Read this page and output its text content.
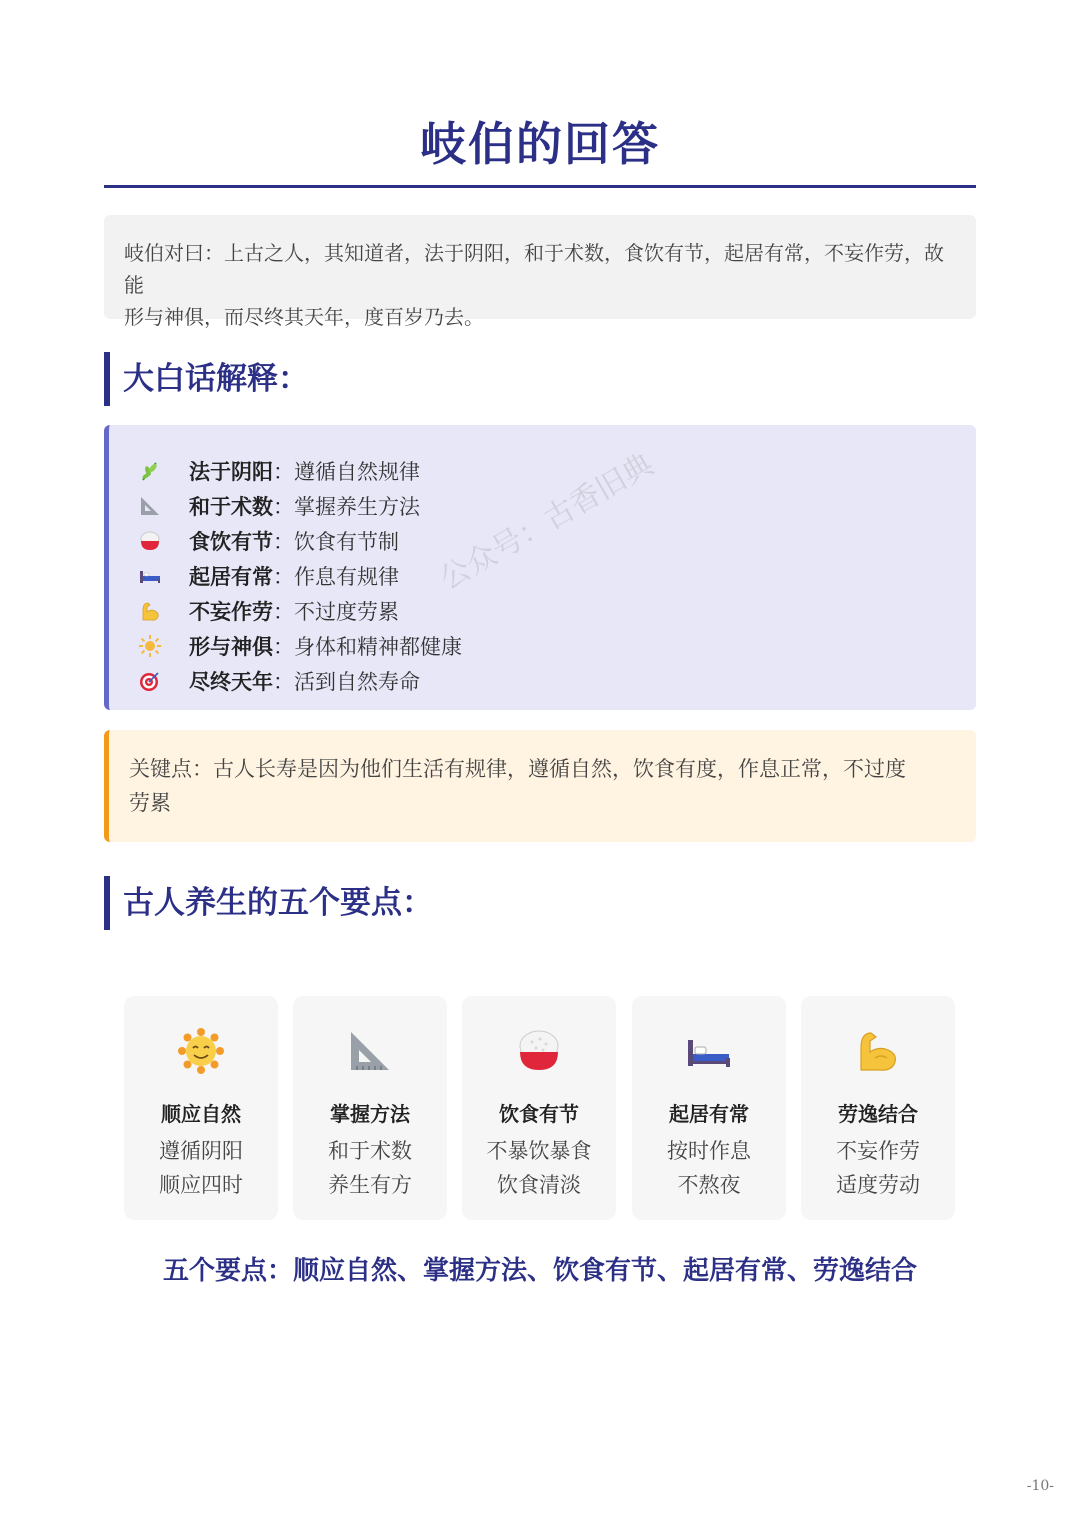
岐伯的回答
岐伯对曰：上古之人，其知道者，法于阴阳，和于术数，食饮有节，起居有常，不妄作劳，故能
形与神俱，而尽终其天年，度百岁乃去。
大白话解释：
法于阴阳 ： 遵循自然规律
和于术数 ： 掌握养生方法
食饮有节 ： 饮食有节制
起居有常 ： 作息有规律
不妄作劳 ： 不过度劳累
形与神俱 ： 身体和精神都健康
尽终天年 ： 活到自然寿命
关键点：古人长寿是因为他们生活有规律，遵循自然，饮食有度，作息正常，不过度
劳累
古人养生的五个要点：
顺应自然
遵循阴阳
顺应四时
掌握方法
和于术数
养生有方
饮食有节
不暴饮暴食
饮食清淡
起居有常
按时作息
不熬夜
劳逸结合
不妄作劳
适度劳动
五个要点：顺应自然、掌握方法、饮食有节、起居有常、劳逸结合
公众号：古香旧典
-10-
